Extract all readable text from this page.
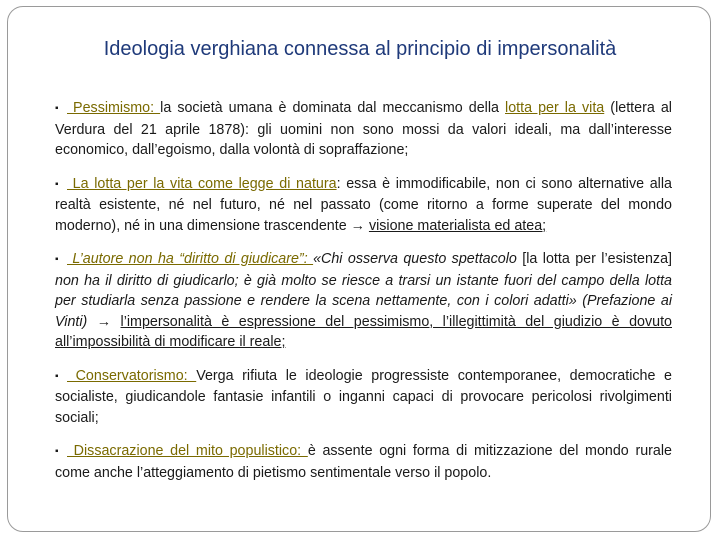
Ideologia verghiana connessa al principio di impersonalità

▪ Pessimismo: la società umana è dominata dal meccanismo della lotta per la vita (lettera al Verdura del 21 aprile 1878): gli uomini non sono mossi da valori ideali, ma dall’interesse economico, dall’egoismo, dalla volontà di sopraffazione;

▪ La lotta per la vita come legge di natura: essa è immodificabile, non ci sono alternative alla realtà esistente, né nel futuro, né nel passato (come ritorno a forme superate del mondo moderno), né in una dimensione trascendente → visione materialista ed atea;

▪ L’autore non ha “diritto di giudicare”: «Chi osserva questo spettacolo [la lotta per l’esistenza] non ha il diritto di giudicarlo; è già molto se riesce a trarsi un istante fuori del campo della lotta per studiarla senza passione e rendere la scena nettamente, con i colori adatti» (Prefazione ai Vinti) → l’impersonalità è espressione del pessimismo, l’illegittimità del giudizio è dovuto all’impossibilità di modificare il reale;

▪ Conservatorismo: Verga rifiuta le ideologie progressiste contemporanee, democratiche e socialiste, giudicandole fantasie infantili o inganni capaci di provocare pericolosi rivolgimenti sociali;

▪ Dissacrazione del mito populistico: è assente ogni forma di mitizzazione del mondo rurale come anche l’atteggiamento di pietismo sentimentale verso il popolo.
